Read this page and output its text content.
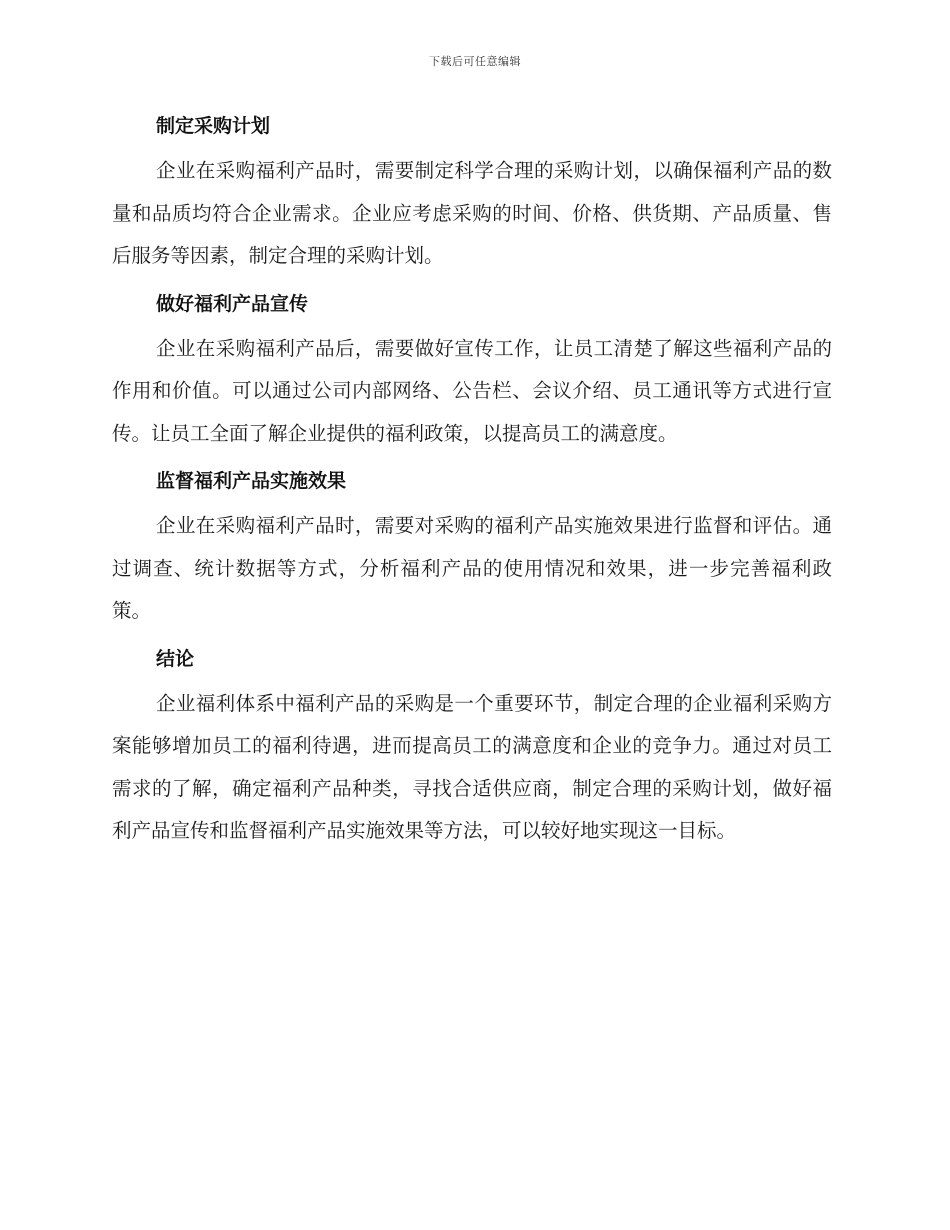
下载后可任意编辑
制定采购计划

企业在采购福利产品时，需要制定科学合理的采购计划，以确保福利产品的数量和品质均符合企业需求。企业应考虑采购的时间、价格、供货期、产品质量、售后服务等因素，制定合理的采购计划。

做好福利产品宣传

企业在采购福利产品后，需要做好宣传工作，让员工清楚了解这些福利产品的作用和价值。可以通过公司内部网络、公告栏、会议介绍、员工通讯等方式进行宣传。让员工全面了解企业提供的福利政策，以提高员工的满意度。

监督福利产品实施效果

企业在采购福利产品时，需要对采购的福利产品实施效果进行监督和评估。通过调查、统计数据等方式，分析福利产品的使用情况和效果，进一步完善福利政策。

结论

企业福利体系中福利产品的采购是一个重要环节，制定合理的企业福利采购方案能够增加员工的福利待遇，进而提高员工的满意度和企业的竞争力。通过对员工需求的了解，确定福利产品种类，寻找合适供应商，制定合理的采购计划，做好福利产品宣传和监督福利产品实施效果等方法，可以较好地实现这一目标。
